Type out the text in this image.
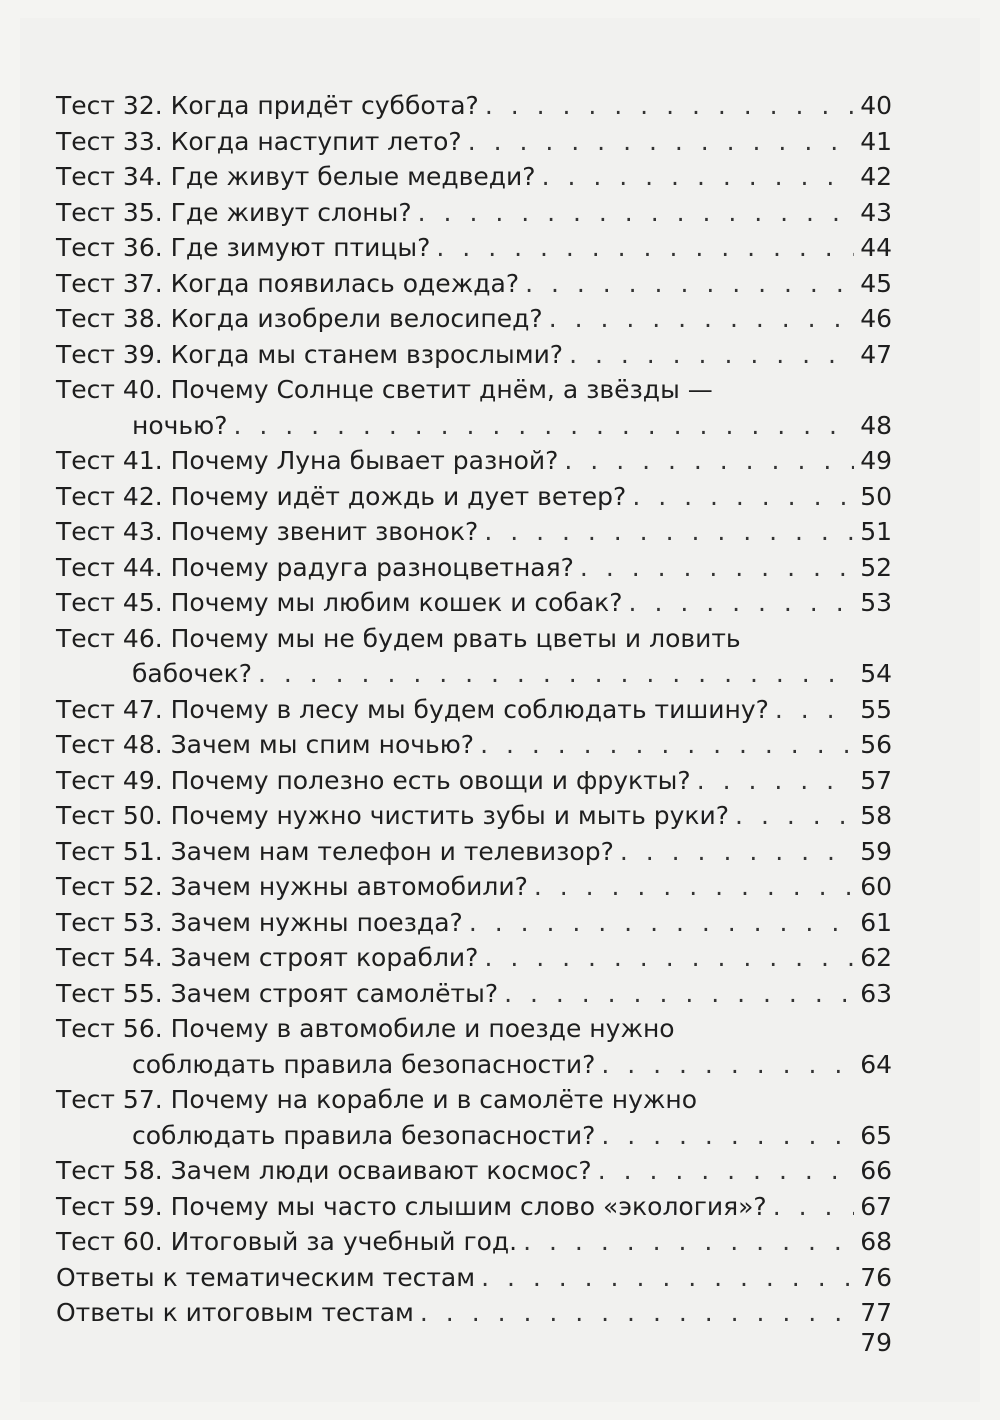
Тест 32. Когда придёт суббота? . . .	40
Тест 33. Когда наступит лето? . . .	41
Тест 34. Где живут белые медведи? . . .	42
Тест 35. Где живут слоны? . . .	43
Тест 36. Где зимуют птицы? . . .	44
Тест 37. Когда появилась одежда? . . .	45
Тест 38. Когда изобрели велосипед? . . .	46
Тест 39. Когда мы станем взрослыми? . . .	47
Тест 40. Почему Солнце светит днём, а звёзды —
ночью? . . .	48
Тест 41. Почему Луна бывает разной? . . .	49
Тест 42. Почему идёт дождь и дует ветер? . . .	50
Тест 43. Почему звенит звонок? . . .	51
Тест 44. Почему радуга разноцветная? . . .	52
Тест 45. Почему мы любим кошек и собак? . . .	53
Тест 46. Почему мы не будем рвать цветы и ловить
бабочек? . . .	54
Тест 47. Почему в лесу мы будем соблюдать тишину? . . .	55
Тест 48. Зачем мы спим ночью? . . .	56
Тест 49. Почему полезно есть овощи и фрукты? . . .	57
Тест 50. Почему нужно чистить зубы и мыть руки? . . .	58
Тест 51. Зачем нам телефон и телевизор? . . .	59
Тест 52. Зачем нужны автомобили? . . .	60
Тест 53. Зачем нужны поезда? . . .	61
Тест 54. Зачем строят корабли? . . .	62
Тест 55. Зачем строят самолёты? . . .	63
Тест 56. Почему в автомобиле и поезде нужно
соблюдать правила безопасности? . . .	64
Тест 57. Почему на корабле и в самолёте нужно
соблюдать правила безопасности? . . .	65
Тест 58. Зачем люди осваивают космос? . . .	66
Тест 59. Почему мы часто слышим слово «экология»? . . .	67
Тест 60. Итоговый за учебный год. . . .	68
Ответы к тематическим тестам . . .	76
Ответы к итоговым тестам . . .	77
79
